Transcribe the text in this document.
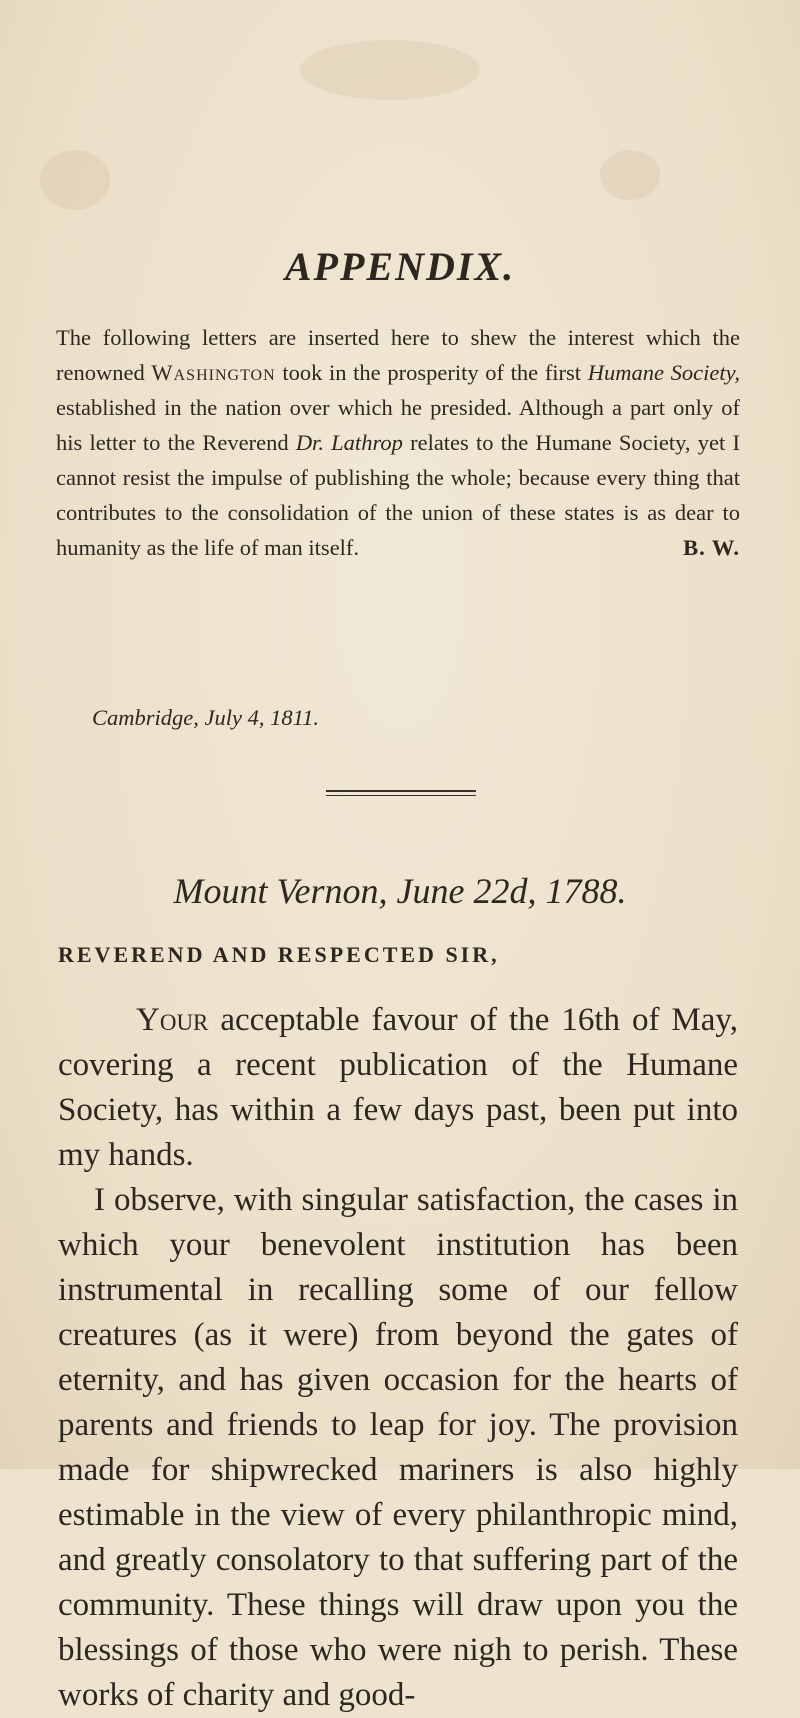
APPENDIX.

The following letters are inserted here to shew the interest which the renowned Washington took in the prosperity of the first Humane Society, established in the nation over which he presided. Although a part only of his letter to the Reverend Dr. Lathrop relates to the Humane Society, yet I cannot resist the impulse of publishing the whole; because every thing that contributes to the consolidation of the union of these states is as dear to humanity as the life of man itself.	B. W.

Cambridge, July 4, 1811.

Mount Vernon, June 22d, 1788.

REVEREND AND RESPECTED SIR,

Your acceptable favour of the 16th of May, covering a recent publication of the Humane Society, has within a few days past, been put into my hands.

I observe, with singular satisfaction, the cases in which your benevolent institution has been instrumental in recalling some of our fellow creatures (as it were) from beyond the gates of eternity, and has given occasion for the hearts of parents and friends to leap for joy. The provision made for shipwrecked mariners is also highly estimable in the view of every philanthropic mind, and greatly consolatory to that suffering part of the community. These things will draw upon you the blessings of those who were nigh to perish. These works of charity and good-
